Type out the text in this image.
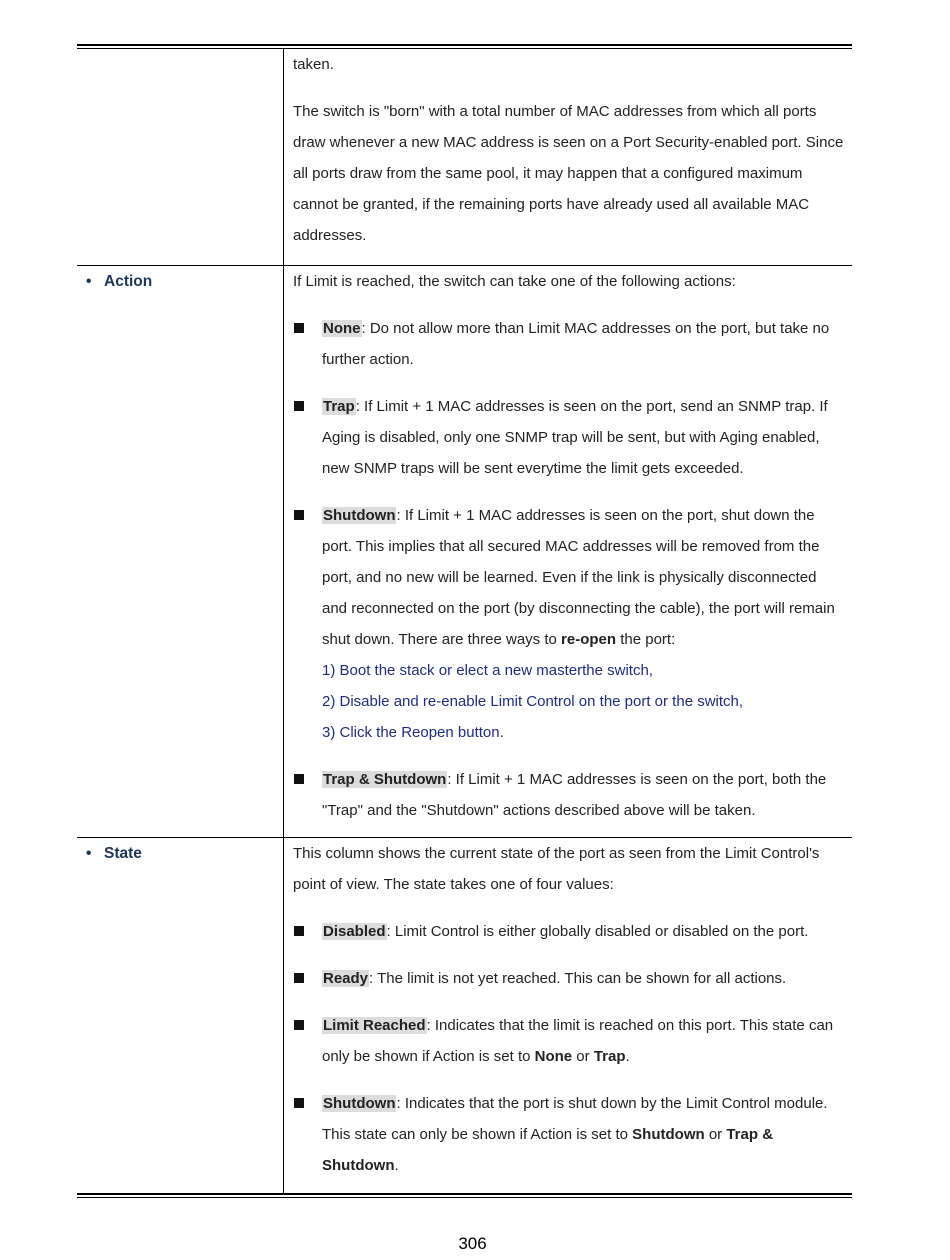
taken.

The switch is "born" with a total number of MAC addresses from which all ports draw whenever a new MAC address is seen on a Port Security-enabled port. Since all ports draw from the same pool, it may happen that a configured maximum cannot be granted, if the remaining ports have already used all available MAC addresses.

• Action	If Limit is reached, the switch can take one of the following actions:

None: Do not allow more than Limit MAC addresses on the port, but take no further action.

Trap: If Limit + 1 MAC addresses is seen on the port, send an SNMP trap. If Aging is disabled, only one SNMP trap will be sent, but with Aging enabled, new SNMP traps will be sent everytime the limit gets exceeded.

Shutdown: If Limit + 1 MAC addresses is seen on the port, shut down the port. This implies that all secured MAC addresses will be removed from the port, and no new will be learned. Even if the link is physically disconnected and reconnected on the port (by disconnecting the cable), the port will remain shut down. There are three ways to re-open the port:

1) Boot the stack or elect a new masterthe switch,

2) Disable and re-enable Limit Control on the port or the switch,

3) Click the Reopen button.

Trap & Shutdown: If Limit + 1 MAC addresses is seen on the port, both the "Trap" and the "Shutdown" actions described above will be taken.

• State	This column shows the current state of the port as seen from the Limit Control's point of view. The state takes one of four values:

Disabled: Limit Control is either globally disabled or disabled on the port.

Ready: The limit is not yet reached. This can be shown for all actions.

Limit Reached: Indicates that the limit is reached on this port. This state can only be shown if Action is set to None or Trap.

Shutdown: Indicates that the port is shut down by the Limit Control module. This state can only be shown if Action is set to Shutdown or Trap & Shutdown.

306
